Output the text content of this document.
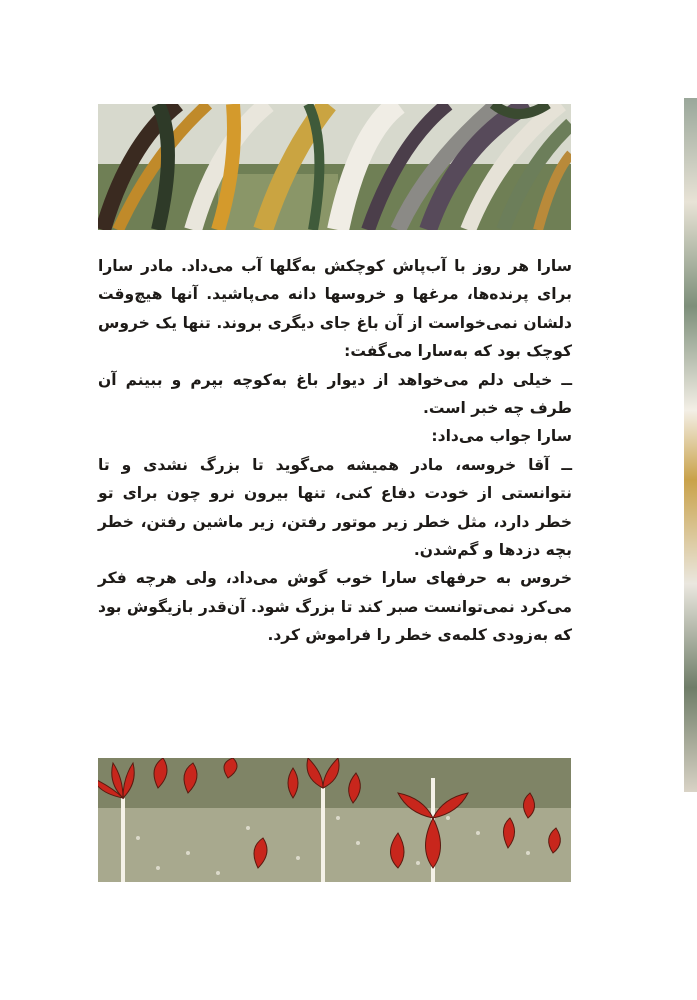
سارا هر روز با آب‌پاش کوچکش به‌گلها آب می‌داد. مادر سارا برای پرنده‌ها، مرغها و خروسها دانه می‌پاشید. آنها هیچ‌وقت دلشان نمی‌خواست از آن باغ جای دیگری بروند. تنها یک خروس کوچک بود که به‌سارا می‌گفت:

ــ خیلی دلم می‌خواهد از دیوار باغ به‌کوچه بپرم و ببینم آن طرف چه خبر است.

سارا جواب می‌داد:

ــ آقا خروسه، مادر همیشه می‌گوید تا بزرگ نشدی و تا نتوانستی از خودت دفاع کنی، تنها بیرون نرو چون برای تو خطر دارد، مثل خطر زیر موتور رفتن، زیر ماشین رفتن، خطر بچه دزدها و گم‌شدن.

خروس به حرفهای سارا خوب گوش می‌داد، ولی هرچه فکر می‌کرد نمی‌توانست صبر کند تا بزرگ شود. آن‌قدر بازیگوش بود که به‌زودی کلمه‌ی خطر را فراموش کرد.
